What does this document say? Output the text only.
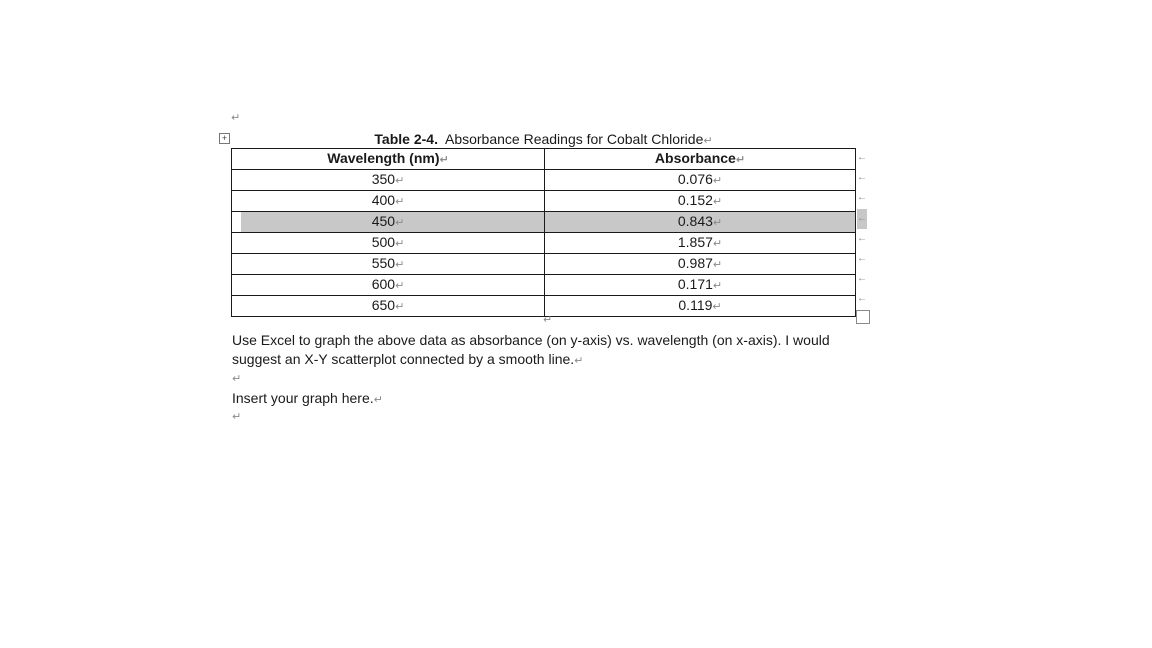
↵
+	Table 2-4. Absorbance Readings for Cobalt Chloride↵
Wavelength (nm)↵	Absorbance↵
350↵	0.076↵
400↵	0.152↵
450↵	0.843↵
500↵	1.857↵
550↵	0.987↵
600↵	0.171↵
650↵	0.119↵
←
←
←
←
←
←
←
←
↵
Use Excel to graph the above data as absorbance (on y-axis) vs. wavelength (on x-axis). I would suggest an X-Y scatterplot connected by a smooth line.↵
↵
Insert your graph here.↵
↵
